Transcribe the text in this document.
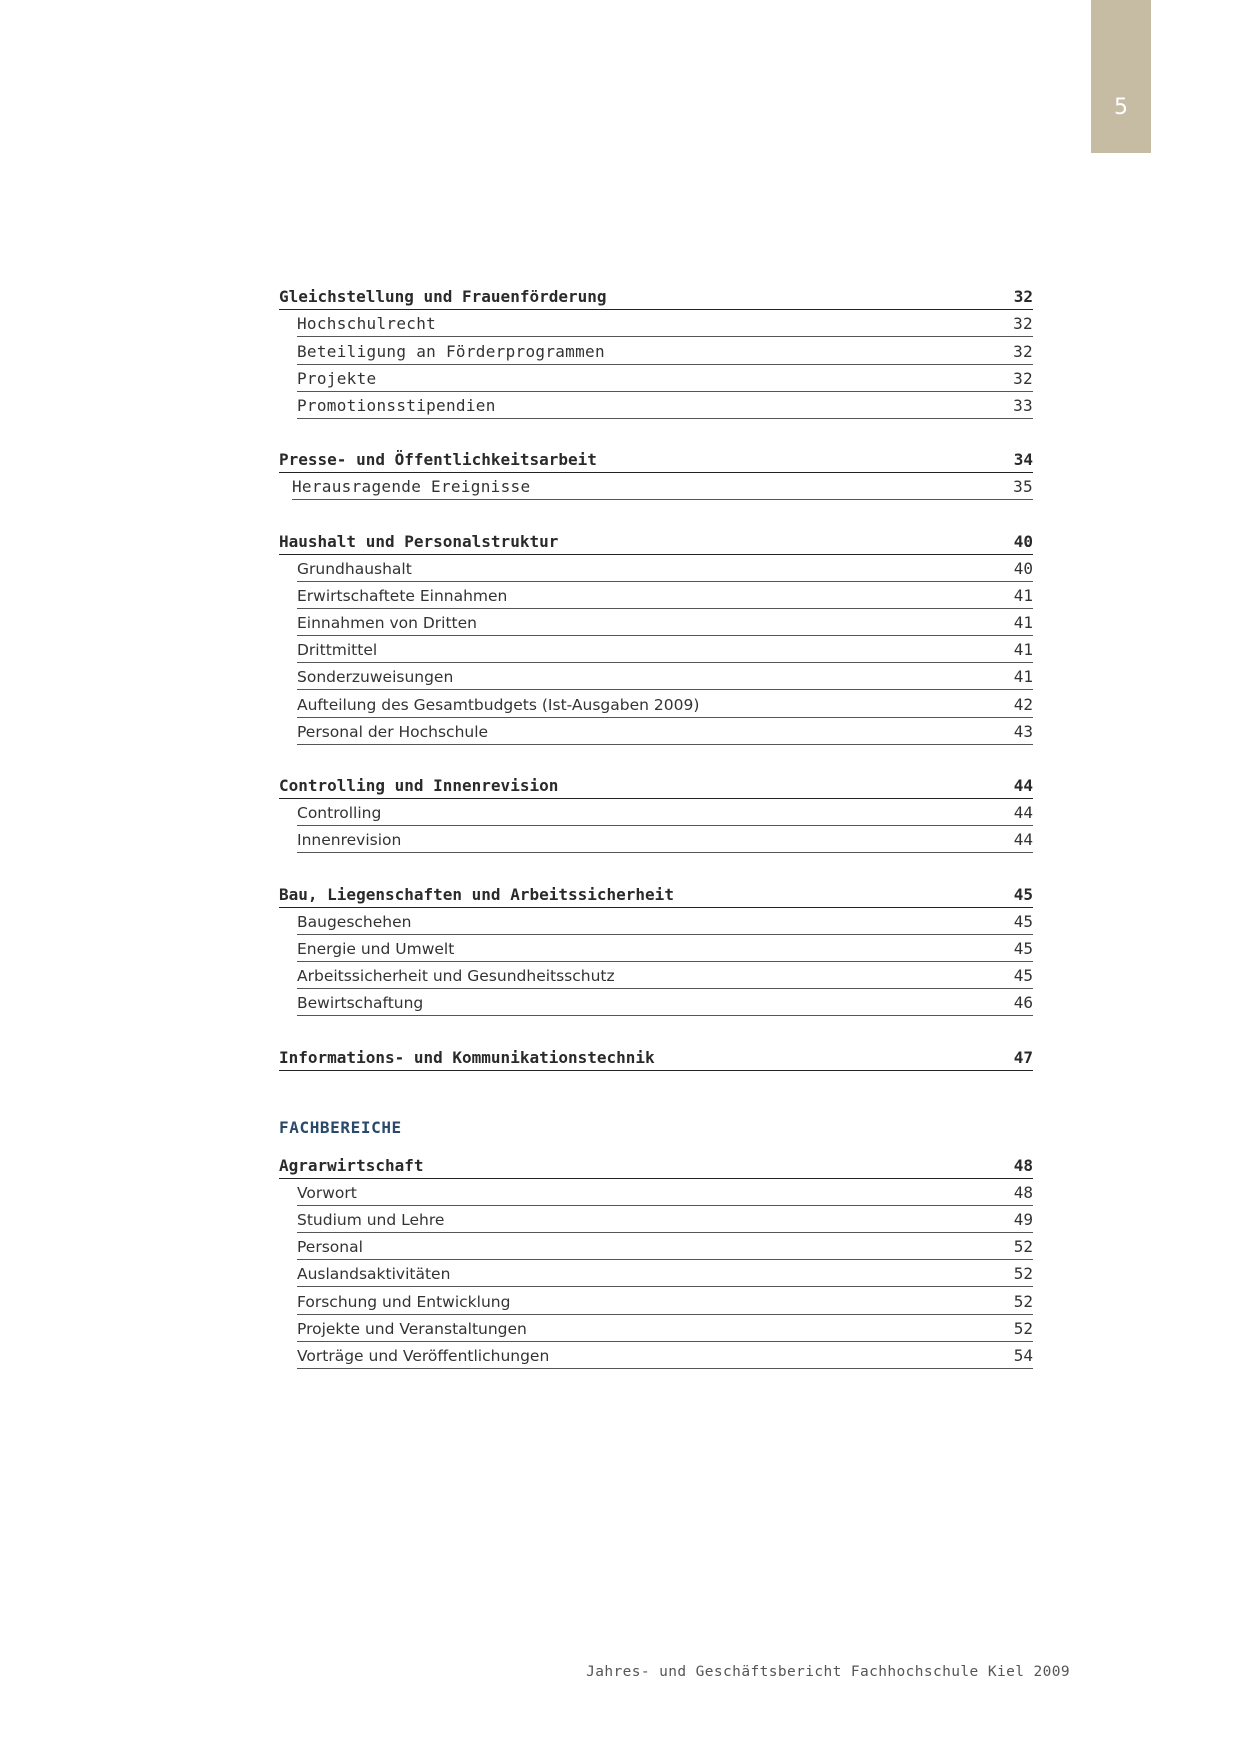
5
Gleichstellung und Frauenförderung	32
Hochschulrecht	32
Beteiligung an Förderprogrammen	32
Projekte	32
Promotionsstipendien	33
Presse- und Öffentlichkeitsarbeit	34
Herausragende Ereignisse	35
Haushalt und Personalstruktur	40
Grundhaushalt	40
Erwirtschaftete Einnahmen	41
Einnahmen von Dritten	41
Drittmittel	41
Sonderzuweisungen	41
Aufteilung des Gesamtbudgets (Ist-Ausgaben 2009)	42
Personal der Hochschule	43
Controlling und Innenrevision	44
Controlling	44
Innenrevision	44
Bau, Liegenschaften und Arbeitssicherheit	45
Baugeschehen	45
Energie und Umwelt	45
Arbeitssicherheit und Gesundheitsschutz	45
Bewirtschaftung	46
Informations- und Kommunikationstechnik	47
FACHBEREICHE
Agrarwirtschaft	48
Vorwort	48
Studium und Lehre	49
Personal	52
Auslandsaktivitäten	52
Forschung und Entwicklung	52
Projekte und Veranstaltungen	52
Vorträge und Veröffentlichungen	54
Jahres- und Geschäftsbericht Fachhochschule Kiel 2009
